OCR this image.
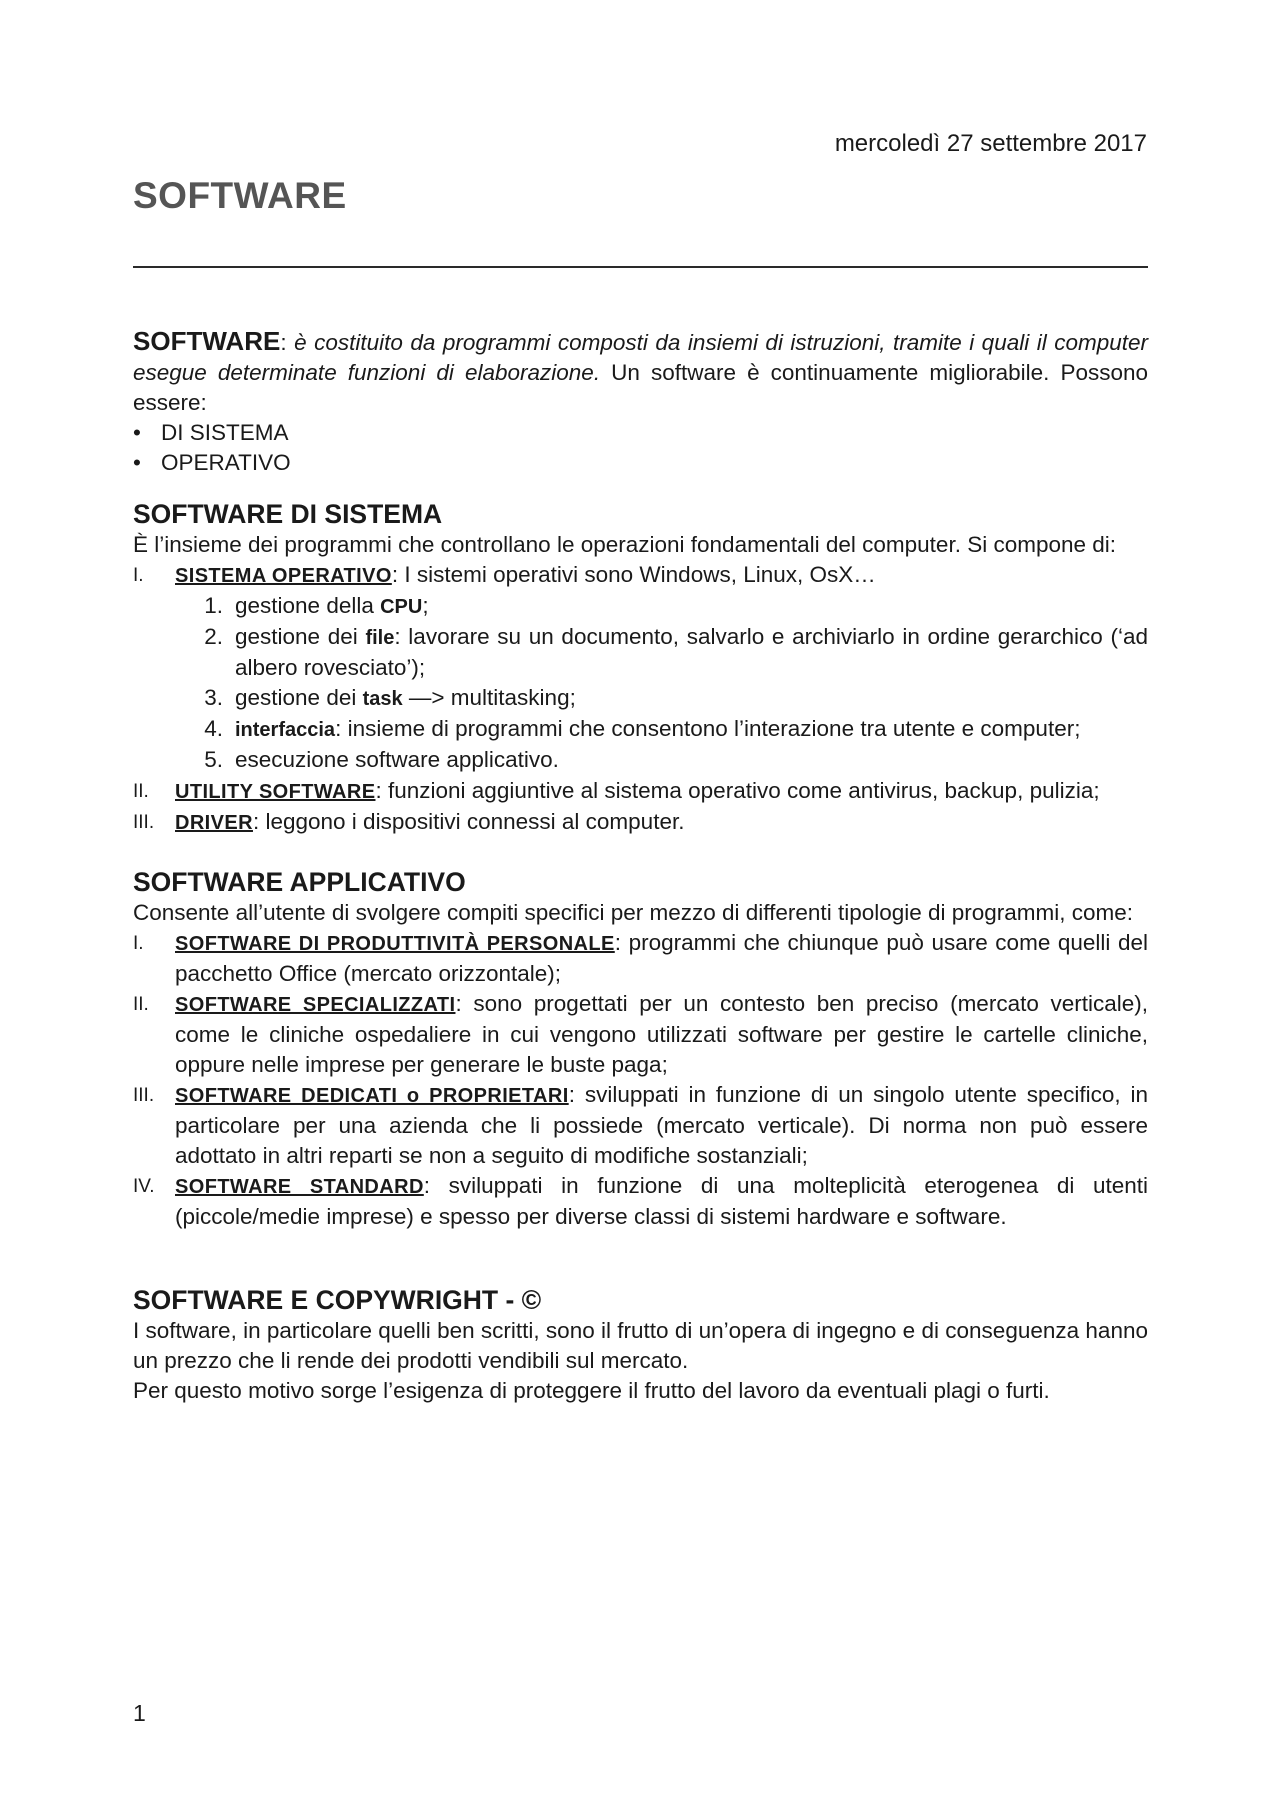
mercoledì 27 settembre 2017
SOFTWARE

SOFTWARE: è costituito da programmi composti da insiemi di istruzioni, tramite i quali il computer esegue determinate funzioni di elaborazione. Un software è continuamente migliorabile. Possono essere:

• DI SISTEMA
• OPERATIVO
SOFTWARE DI SISTEMA

È l’insieme dei programmi che controllano le operazioni fondamentali del computer. Si compone di:

I. SISTEMA OPERATIVO: I sistemi operativi sono Windows, Linux, OsX…
1. gestione della CPU;
2. gestione dei file: lavorare su un documento, salvarlo e archiviarlo in ordine gerarchico (‘ad albero rovesciato’);
3. gestione dei task —> multitasking;
4. interfaccia: insieme di programmi che consentono l’interazione tra utente e computer;
5. esecuzione software applicativo.
II. UTILITY SOFTWARE: funzioni aggiuntive al sistema operativo come antivirus, backup, pulizia;
III. DRIVER: leggono i dispositivi connessi al computer.
SOFTWARE APPLICATIVO

Consente all’utente di svolgere compiti specifici per mezzo di differenti tipologie di programmi, come:

I. SOFTWARE DI PRODUTTIVITÀ PERSONALE: programmi che chiunque può usare come quelli del pacchetto Office (mercato orizzontale);
II. SOFTWARE SPECIALIZZATI: sono progettati per un contesto ben preciso (mercato verticale), come le cliniche ospedaliere in cui vengono utilizzati software per gestire le cartelle cliniche, oppure nelle imprese per generare le buste paga;
III. SOFTWARE DEDICATI o PROPRIETARI: sviluppati in funzione di un singolo utente specifico, in particolare per una azienda che li possiede (mercato verticale). Di norma non può essere adottato in altri reparti se non a seguito di modifiche sostanziali;
IV. SOFTWARE STANDARD: sviluppati in funzione di una molteplicità eterogenea di utenti (piccole/medie imprese) e spesso per diverse classi di sistemi hardware e software.
SOFTWARE E COPYWRIGHT - ©

I software, in particolare quelli ben scritti, sono il frutto di un’opera di ingegno e di conseguenza hanno un prezzo che li rende dei prodotti vendibili sul mercato.

Per questo motivo sorge l’esigenza di proteggere il frutto del lavoro da eventuali plagi o furti.

1
